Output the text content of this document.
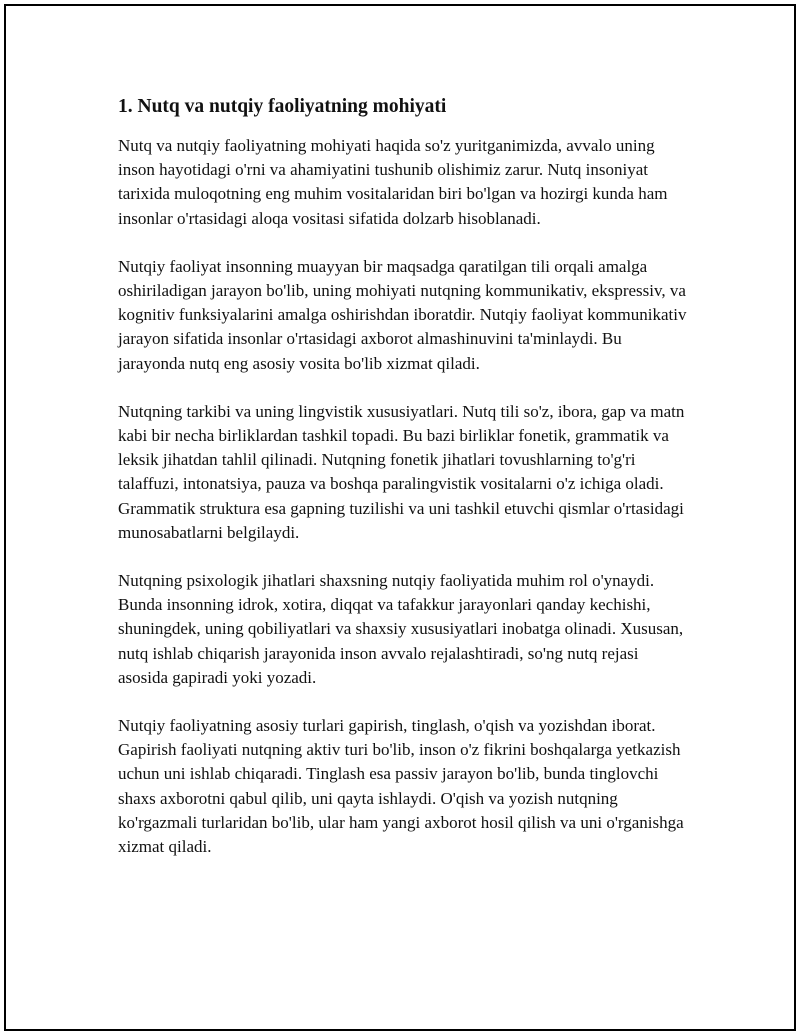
1. Nutq va nutqiy faoliyatning mohiyati

Nutq va nutqiy faoliyatning mohiyati haqida so'z yuritganimizda, avvalo uning inson hayotidagi o'rni va ahamiyatini tushunib olishimiz zarur. Nutq insoniyat tarixida muloqotning eng muhim vositalaridan biri bo'lgan va hozirgi kunda ham insonlar o'rtasidagi aloqa vositasi sifatida dolzarb hisoblanadi.

Nutqiy faoliyat insonning muayyan bir maqsadga qaratilgan tili orqali amalga oshiriladigan jarayon bo'lib, uning mohiyati nutqning kommunikativ, ekspressiv, va kognitiv funksiyalarini amalga oshirishdan iboratdir. Nutqiy faoliyat kommunikativ jarayon sifatida insonlar o'rtasidagi axborot almashinuvini ta'minlaydi. Bu jarayonda nutq eng asosiy vosita bo'lib xizmat qiladi.

Nutqning tarkibi va uning lingvistik xususiyatlari. Nutq tili so'z, ibora, gap va matn kabi bir necha birliklardan tashkil topadi. Bu bazi birliklar fonetik, grammatik va leksik jihatdan tahlil qilinadi. Nutqning fonetik jihatlari tovushlarning to'g'ri talaffuzi, intonatsiya, pauza va boshqa paralingvistik vositalarni o'z ichiga oladi. Grammatik struktura esa gapning tuzilishi va uni tashkil etuvchi qismlar o'rtasidagi munosabatlarni belgilaydi.

Nutqning psixologik jihatlari shaxsning nutqiy faoliyatida muhim rol o'ynaydi. Bunda insonning idrok, xotira, diqqat va tafakkur jarayonlari qanday kechishi, shuningdek, uning qobiliyatlari va shaxsiy xususiyatlari inobatga olinadi. Xususan, nutq ishlab chiqarish jarayonida inson avvalo rejalashtiradi, so'ng nutq rejasi asosida gapiradi yoki yozadi.

Nutqiy faoliyatning asosiy turlari gapirish, tinglash, o'qish va yozishdan iborat. Gapirish faoliyati nutqning aktiv turi bo'lib, inson o'z fikrini boshqalarga yetkazish uchun uni ishlab chiqaradi. Tinglash esa passiv jarayon bo'lib, bunda tinglovchi shaxs axborotni qabul qilib, uni qayta ishlaydi. O'qish va yozish nutqning ko'rgazmali turlaridan bo'lib, ular ham yangi axborot hosil qilish va uni o'rganishga xizmat qiladi.
